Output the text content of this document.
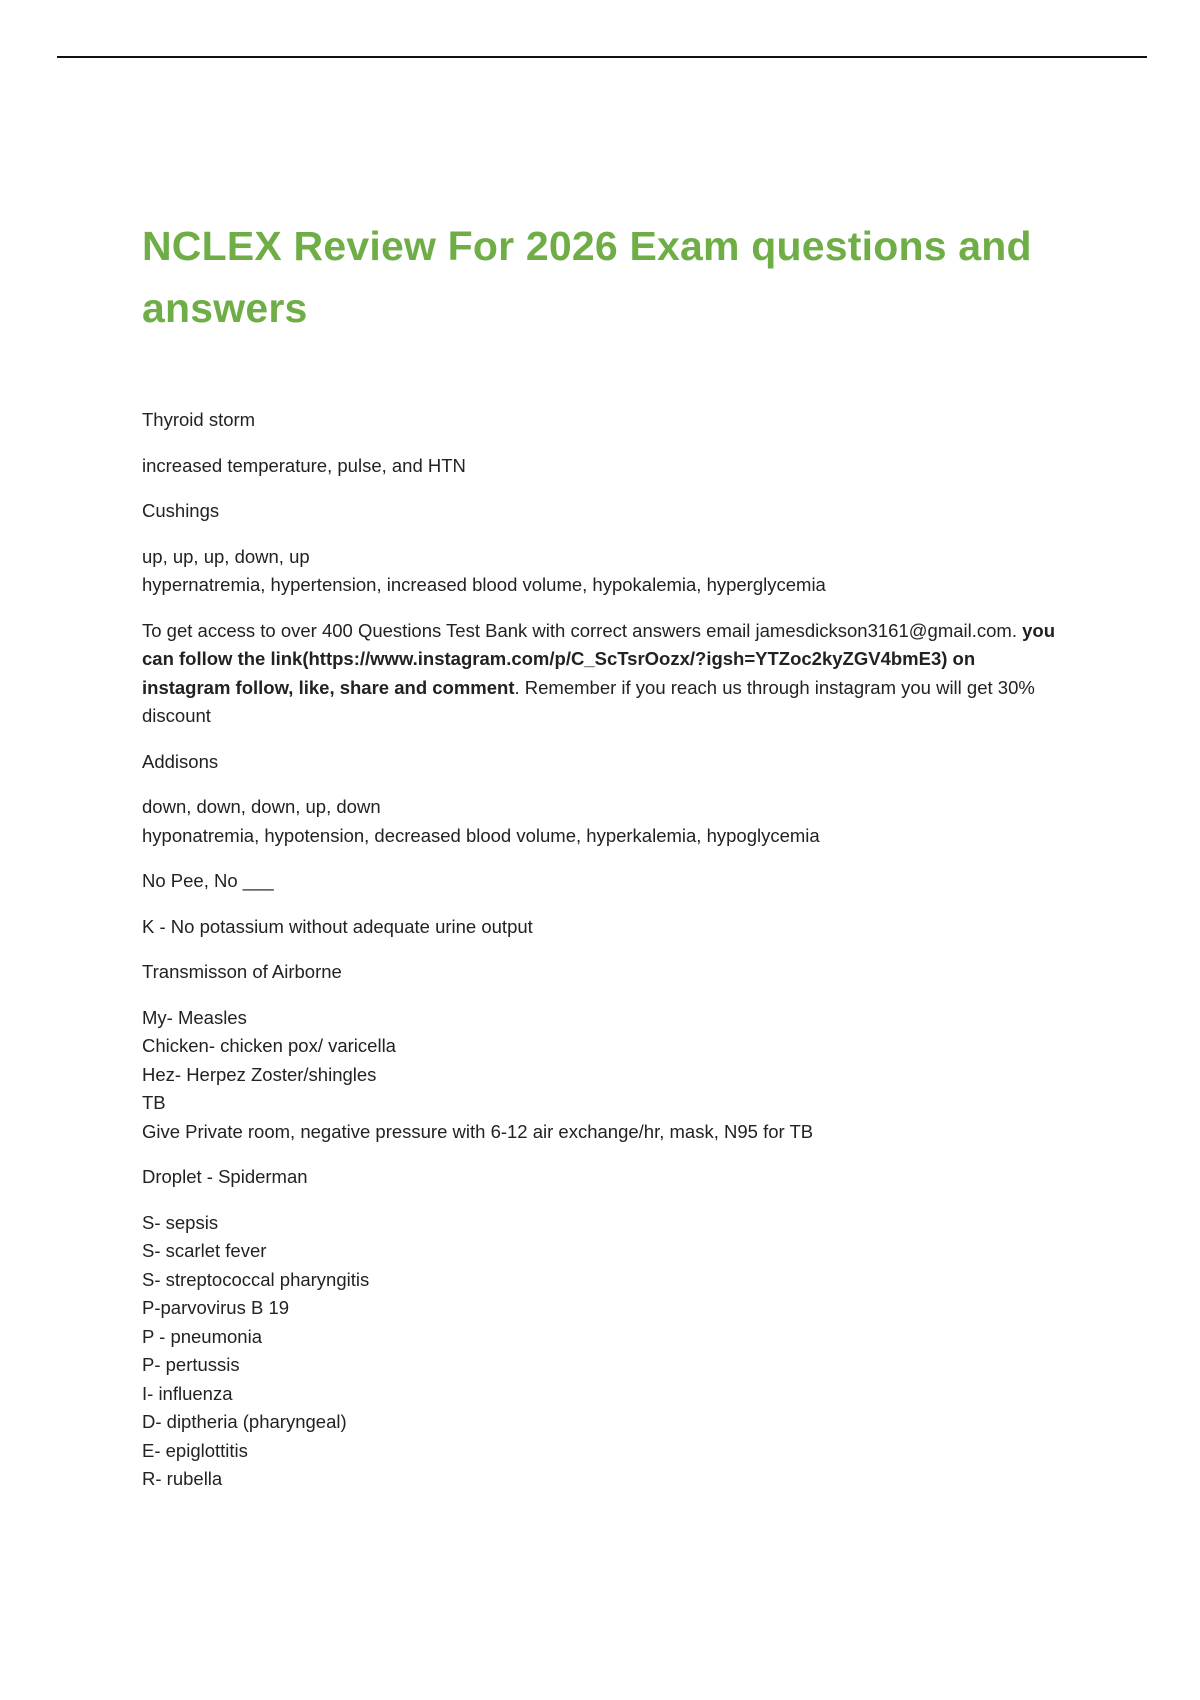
NCLEX Review For 2026 Exam questions and answers

Thyroid storm

increased temperature, pulse, and HTN

Cushings

up, up, up, down, up
hypernatremia, hypertension, increased blood volume, hypokalemia, hyperglycemia

To get access to over 400 Questions Test Bank with correct answers email jamesdickson3161@gmail.com. you can follow the link(https://www.instagram.com/p/C_ScTsrOozx/?igsh=YTZoc2kyZGV4bmE3) on instagram follow, like, share and comment. Remember if you reach us through instagram you will get 30% discount

Addisons

down, down, down, up, down
hyponatremia, hypotension, decreased blood volume, hyperkalemia, hypoglycemia

No Pee, No ___

K - No potassium without adequate urine output

Transmisson of Airborne

My- Measles
Chicken- chicken pox/ varicella
Hez- Herpez Zoster/shingles
TB
Give Private room, negative pressure with 6-12 air exchange/hr, mask, N95 for TB

Droplet - Spiderman

S- sepsis
S- scarlet fever
S- streptococcal pharyngitis
P-parvovirus B 19
P - pneumonia
P- pertussis
I- influenza
D- diptheria (pharyngeal)
E- epiglottitis
R- rubella
